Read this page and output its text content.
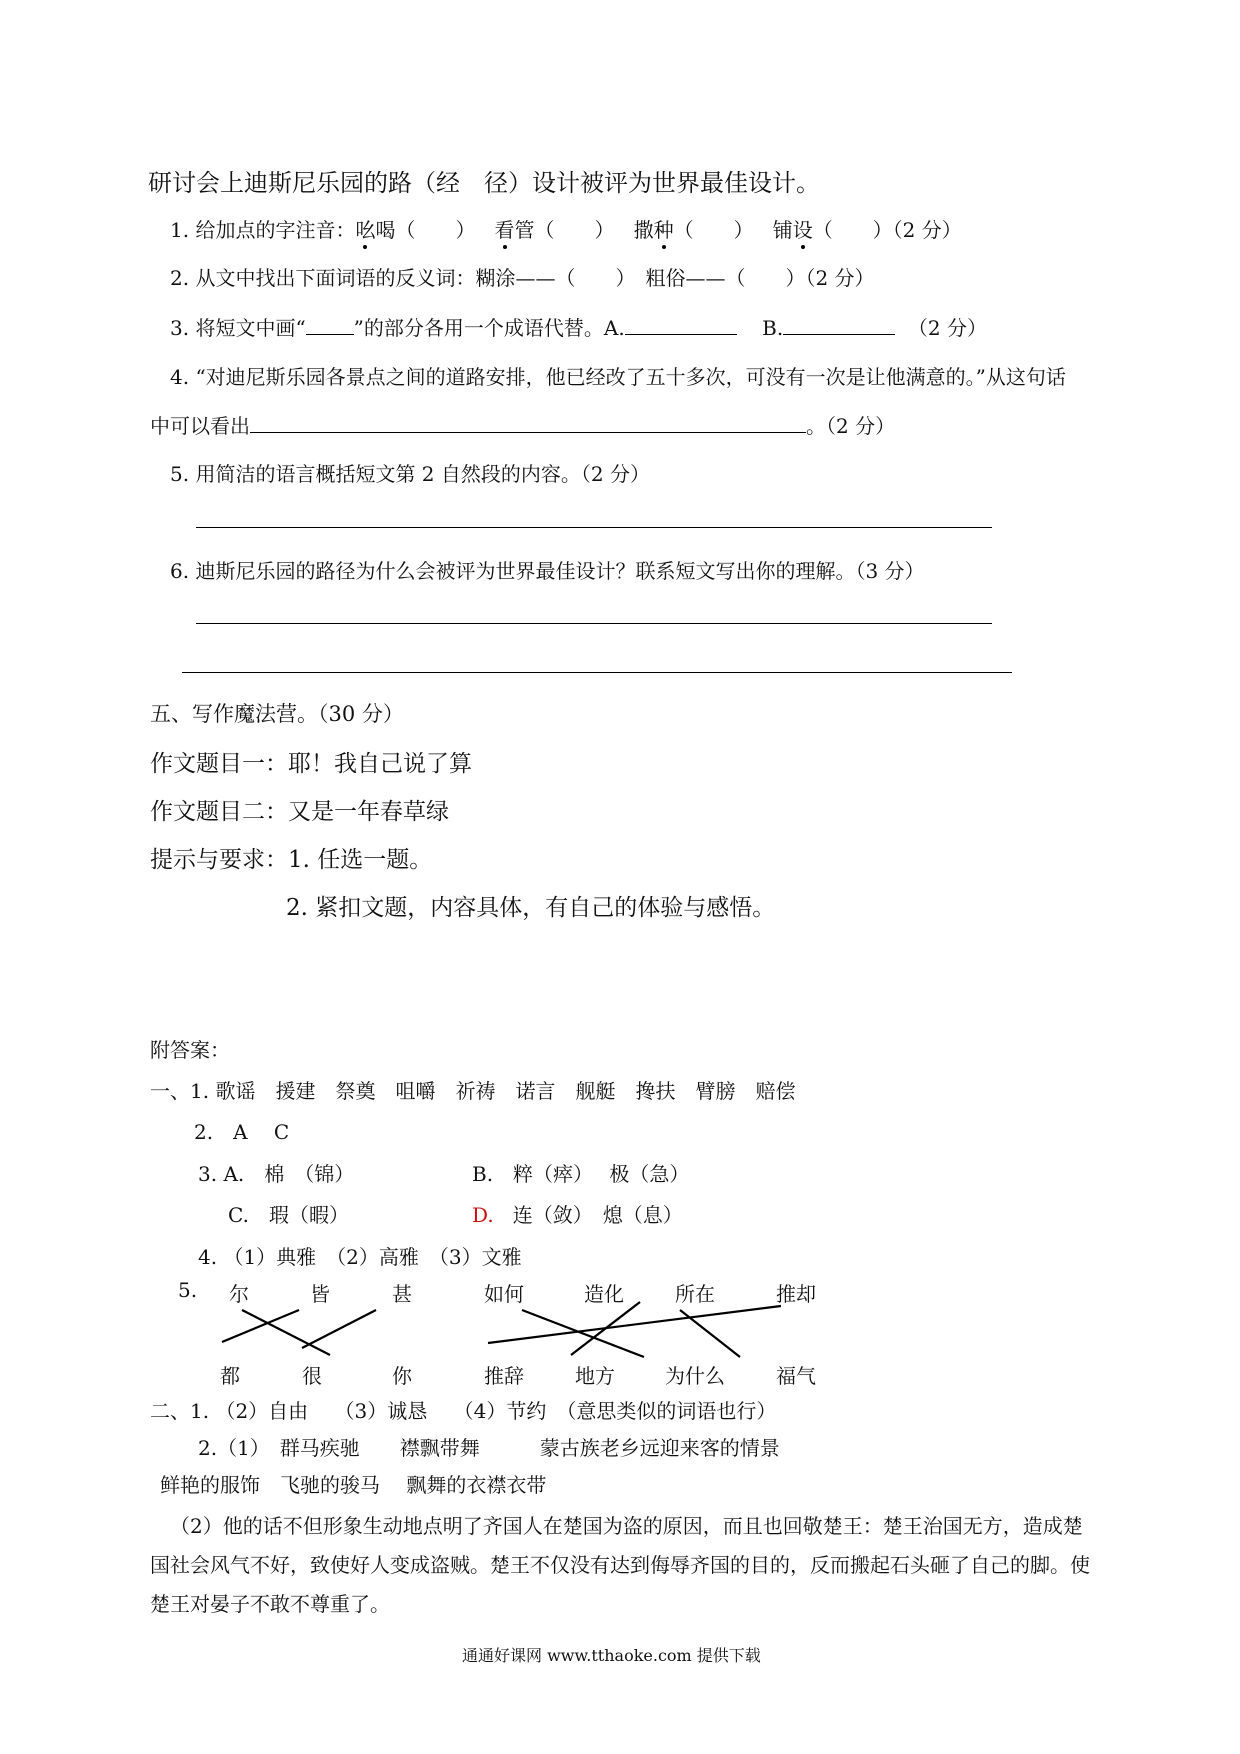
研讨会上迪斯尼乐园的路（经　径）设计被评为世界最佳设计。
1. 给加点的字注音：吆喝（　　） 看管（　　） 撒种（　　） 铺设（　　）（2 分）
2. 从文中找出下面词语的反义词：糊涂——（　　）　粗俗——（　　）（2 分）
3. 将短文中画“ ”的部分各用一个成语代替。A.	B.	（2 分）
4. “对迪尼斯乐园各景点之间的道路安排，他已经改了五十多次，可没有一次是让他满意的。”从这句话
中可以看出	。（2 分）
5. 用简洁的语言概括短文第 2 自然段的内容。（2 分）
6. 迪斯尼乐园的路径为什么会被评为世界最佳设计？联系短文写出你的理解。（3 分）
五、写作魔法营。（30 分）
作文题目一：耶！我自己说了算
作文题目二：又是一年春草绿
提示与要求：1. 任选一题。
2. 紧扣文题，内容具体，有自己的体验与感悟。
附答案：
一、1. 歌谣　援建　祭奠　咀嚼　祈祷　诺言　舰艇　搀扶　臂膀　赔偿
2.　A　 C
3. A.　棉　（锦）	B.　粹（瘁）　 极（急）
C.　瑕（暇）	D. 连（敛）　熄（息）
4. （1）典雅　（2）高雅　（3）文雅
5. 尔	皆	甚	如何	造化	所在	推却
都	很	你	推辞	地方	为什么	福气
二、1. （2）自由　 （3）诚恳　 （4）节约　（意思类似的词语也行）
2.（1）　群马疾驰　　襟飘带舞　　　蒙古族老乡远迎来客的情景
鲜艳的服饰　飞驰的骏马　 飘舞的衣襟衣带
（2）他的话不但形象生动地点明了齐国人在楚国为盗的原因，而且也回敬楚王：楚王治国无方，造成楚
国社会风气不好，致使好人变成盗贼。楚王不仅没有达到侮辱齐国的目的，反而搬起石头砸了自己的脚。使
楚王对晏子不敢不尊重了。
通通好课网 www.tthaoke.com 提供下载
